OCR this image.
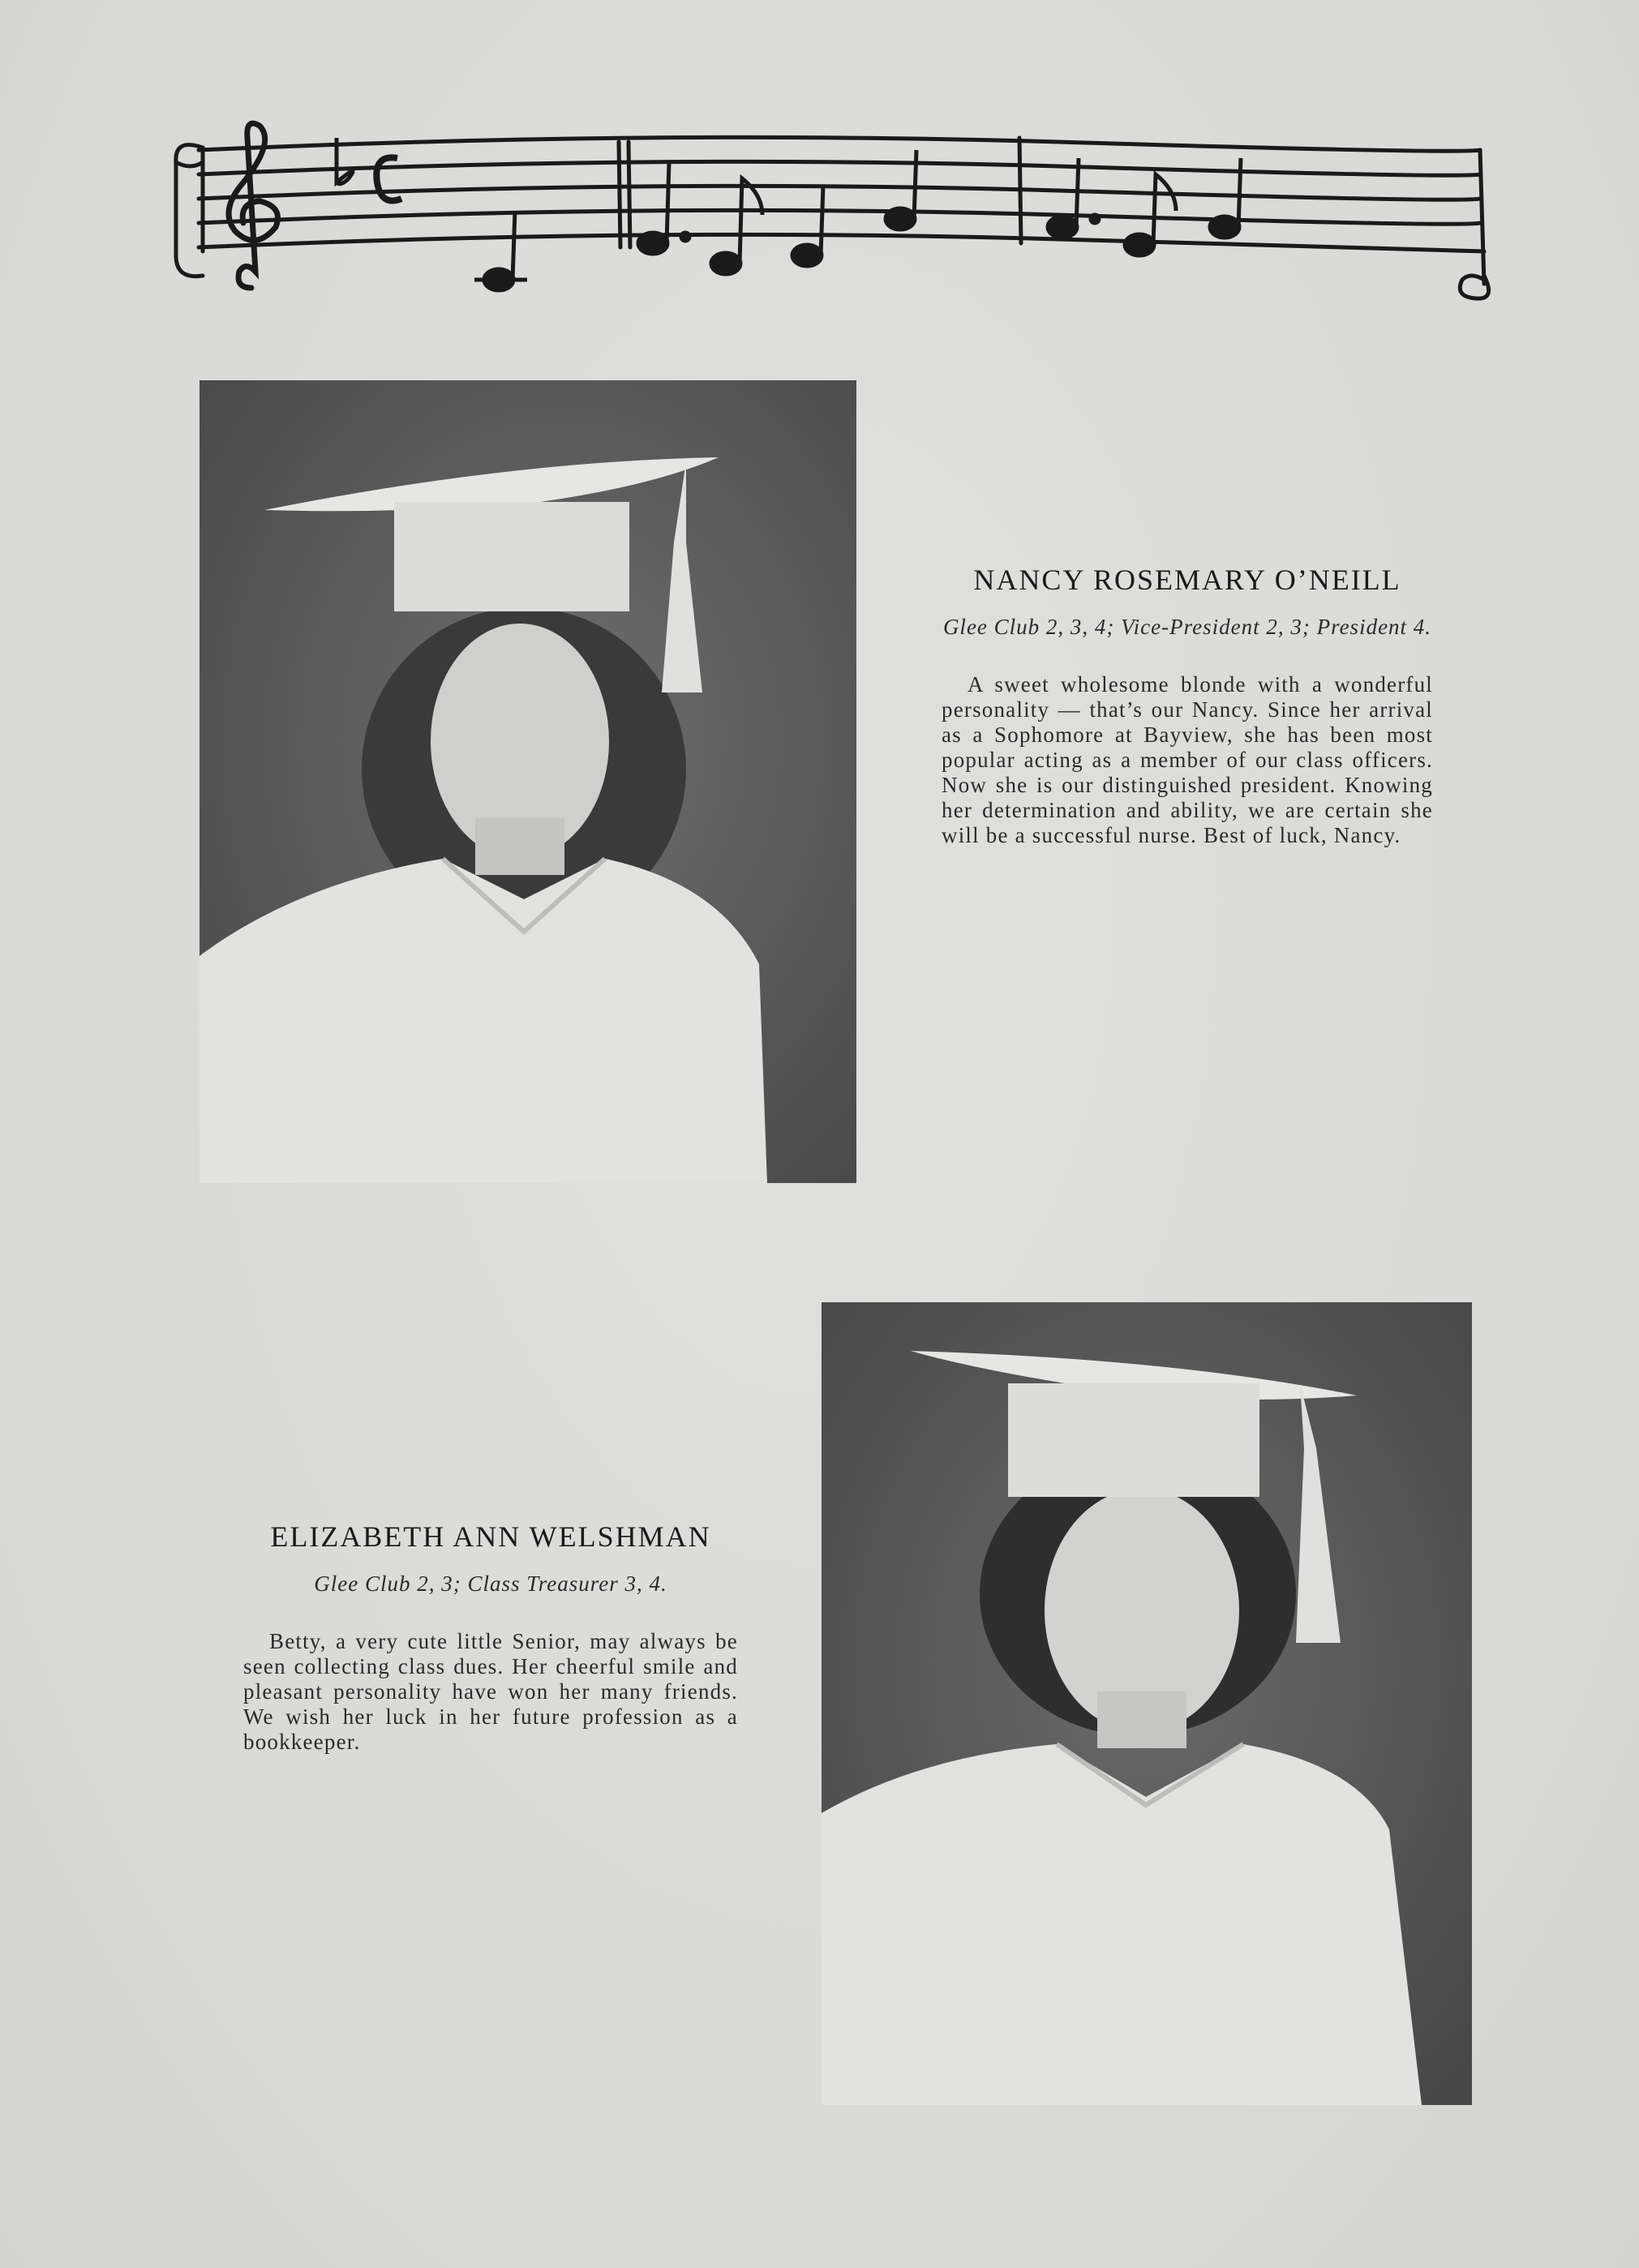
NANCY ROSEMARY O’NEILL

Glee Club 2, 3, 4; Vice-President 2, 3; President 4.

A sweet wholesome blonde with a wonderful personality — that’s our Nancy. Since her arrival as a Sophomore at Bayview, she has been most popular acting as a member of our class officers. Now she is our distinguished president. Knowing her determination and ability, we are certain she will be a successful nurse. Best of luck, Nancy.

ELIZABETH ANN WELSHMAN

Glee Club 2, 3; Class Treasurer 3, 4.

Betty, a very cute little Senior, may always be seen collecting class dues. Her cheerful smile and pleasant personality have won her many friends. We wish her luck in her future profession as a bookkeeper.
